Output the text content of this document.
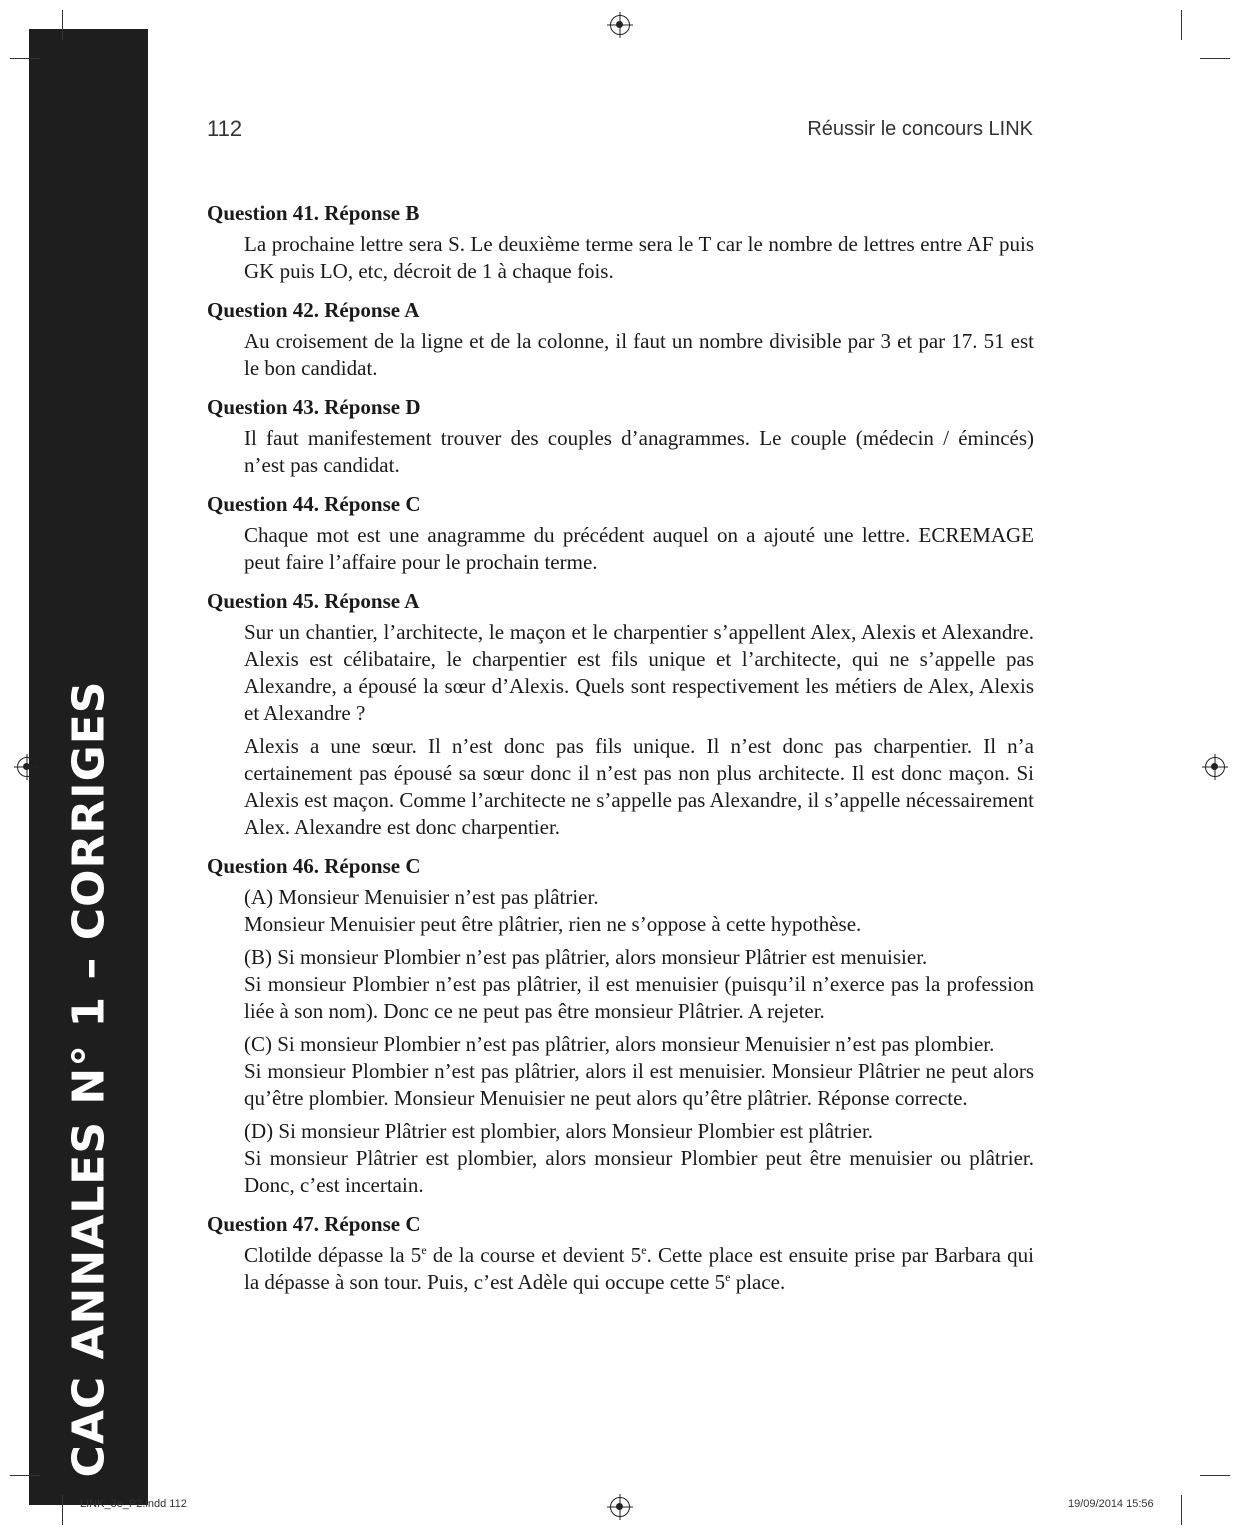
CAC ANNALES N° 1 – CORRIGES
112	Réussir le concours LINK
Question 41. Réponse B

La prochaine lettre sera S. Le deuxième terme sera le T car le nombre de lettres entre AF puis GK puis LO, etc, décroit de 1 à chaque fois.

Question 42. Réponse A

Au croisement de la ligne et de la colonne, il faut un nombre divisible par 3 et par 17. 51 est le bon candidat.

Question 43. Réponse D

Il faut manifestement trouver des couples d’anagrammes. Le couple (médecin / émincés) n’est pas candidat.

Question 44. Réponse C

Chaque mot est une anagramme du précédent auquel on a ajouté une lettre. ECREMAGE peut faire l’affaire pour le prochain terme.

Question 45. Réponse A

Sur un chantier, l’architecte, le maçon et le charpentier s’appellent Alex, Alexis et Alexandre. Alexis est célibataire, le charpentier est fils unique et l’architecte, qui ne s’appelle pas Alexandre, a épousé la sœur d’Alexis. Quels sont respectivement les métiers de Alex, Alexis et Alexandre ?

Alexis a une sœur. Il n’est donc pas fils unique. Il n’est donc pas charpentier. Il n’a certainement pas épousé sa sœur donc il n’est pas non plus architecte. Il est donc maçon. Si Alexis est maçon. Comme l’architecte ne s’appelle pas Alexandre, il s’appelle nécessairement Alex. Alexandre est donc charpentier.

Question 46. Réponse C

(A) Monsieur Menuisier n’est pas plâtrier.
Monsieur Menuisier peut être plâtrier, rien ne s’oppose à cette hypothèse.

(B) Si monsieur Plombier n’est pas plâtrier, alors monsieur Plâtrier est menuisier.
Si monsieur Plombier n’est pas plâtrier, il est menuisier (puisqu’il n’exerce pas la profession liée à son nom). Donc ce ne peut pas être monsieur Plâtrier. A rejeter.

(C) Si monsieur Plombier n’est pas plâtrier, alors monsieur Menuisier n’est pas plombier.
Si monsieur Plombier n’est pas plâtrier, alors il est menuisier. Monsieur Plâtrier ne peut alors qu’être plombier. Monsieur Menuisier ne peut alors qu’être plâtrier. Réponse correcte.

(D) Si monsieur Plâtrier est plombier, alors Monsieur Plombier est plâtrier.
Si monsieur Plâtrier est plombier, alors monsieur Plombier peut être menuisier ou plâtrier. Donc, c’est incertain.

Question 47. Réponse C

Clotilde dépasse la 5e de la course et devient 5e. Cette place est ensuite prise par Barbara qui la dépasse à son tour. Puis, c’est Adèle qui occupe cette 5e place.

LINK_3e_P2.indd 112	19/09/2014 15:56
